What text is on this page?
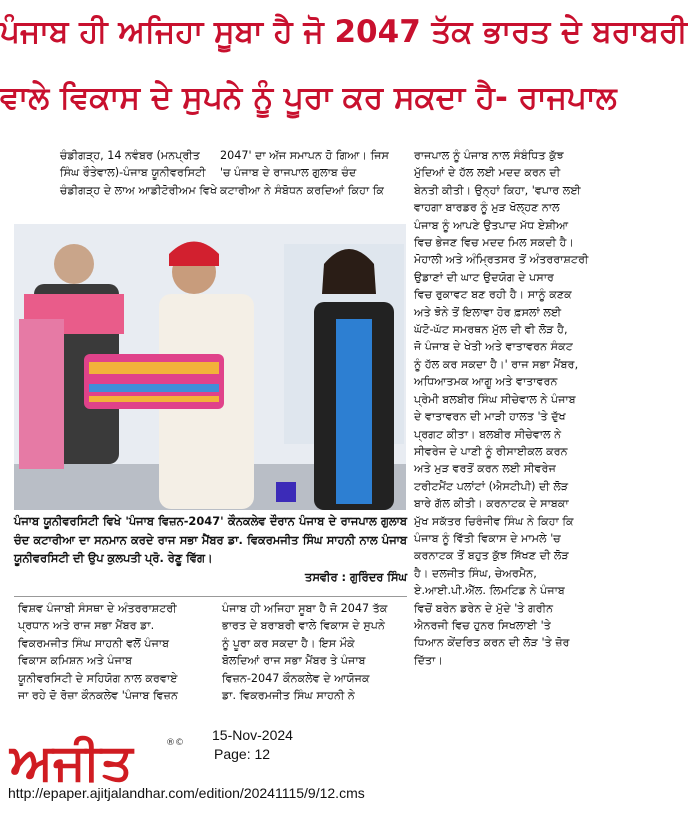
ਪੰਜਾਬ ਹੀ ਅਜਿਹਾ ਸੂਬਾ ਹੈ ਜੋ 2047 ਤੱਕ ਭਾਰਤ ਦੇ ਬਰਾਬਰੀ
ਵਾਲੇ ਵਿਕਾਸ ਦੇ ਸੁਪਨੇ ਨੂੰ ਪੂਰਾ ਕਰ ਸਕਦਾ ਹੈ- ਰਾਜਪਾਲ
ਚੰਡੀਗੜ੍ਹ, 14 ਨਵੰਬਰ (ਮਨਪ੍ਰੀਤ
ਸਿੰਘ ਰੌਤੇਵਾਲ)-ਪੰਜਾਬ ਯੂਨੀਵਰਸਿਟੀ
ਚੰਡੀਗੜ੍ਹ ਦੇ ਲਾਅ ਆਡੀਟੋਰੀਅਮ ਵਿਖੇ
2047' ਦਾ ਅੱਜ ਸਮਾਪਨ ਹੋ ਗਿਆ। ਜਿਸ
'ਚ ਪੰਜਾਬ ਦੇ ਰਾਜਪਾਲ ਗੁਲਾਬ ਚੰਦ
ਕਟਾਰੀਆ ਨੇ ਸੰਬੋਧਨ ਕਰਦਿਆਂ ਕਿਹਾ ਕਿ
ਰਾਜਪਾਲ ਨੂੰ ਪੰਜਾਬ ਨਾਲ ਸੰਬੰਧਿਤ ਕੁੱਝ
ਮੁੱਦਿਆਂ ਦੇ ਹੱਲ ਲਈ ਮਦਦ ਕਰਨ ਦੀ
ਬੇਨਤੀ ਕੀਤੀ। ਉਨ੍ਹਾਂ ਕਿਹਾ, 'ਵਪਾਰ ਲਈ
ਵਾਹਗਾ ਬਾਰਡਰ ਨੂੰ ਮੁੜ ਖੋਲ੍ਹਣ ਨਾਲ
ਪੰਜਾਬ ਨੂੰ ਆਪਣੇ ਉਤਪਾਦ ਮੱਧ ਏਸ਼ੀਆ
ਵਿਚ ਭੇਜਣ ਵਿਚ ਮਦਦ ਮਿਲ ਸਕਦੀ ਹੈ।
ਮੋਹਾਲੀ ਅਤੇ ਅੰਮ੍ਰਿਤਸਰ ਤੋਂ ਅੰਤਰਰਾਸ਼ਟਰੀ
ਉਡਾਣਾਂ ਦੀ ਘਾਟ ਉਦਯੋਗ ਦੇ ਪਸਾਰ
ਵਿਚ ਰੁਕਾਵਟ ਬਣ ਰਹੀ ਹੈ। ਸਾਨੂੰ ਕਣਕ
ਅਤੇ ਝੋਨੇ ਤੋਂ ਇਲਾਵਾ ਹੋਰ ਫ਼ਸਲਾਂ ਲਈ
ਘੱਟੋ-ਘੱਟ ਸਮਰਥਨ ਮੁੱਲ ਦੀ ਵੀ ਲੋੜ ਹੈ,
ਜੋ ਪੰਜਾਬ ਦੇ ਖੇਤੀ ਅਤੇ ਵਾਤਾਵਰਨ ਸੰਕਟ
ਨੂੰ ਹੱਲ ਕਰ ਸਕਦਾ ਹੈ।' ਰਾਜ ਸਭਾ ਮੈਂਬਰ,
ਅਧਿਆਤਮਕ ਆਗੂ ਅਤੇ ਵਾਤਾਵਰਨ
ਪ੍ਰੇਮੀ ਬਲਬੀਰ ਸਿੰਘ ਸੀਚੇਵਾਲ ਨੇ ਪੰਜਾਬ
ਦੇ ਵਾਤਾਵਰਨ ਦੀ ਮਾੜੀ ਹਾਲਤ 'ਤੇ ਦੁੱਖ
ਪ੍ਰਗਟ ਕੀਤਾ। ਬਲਬੀਰ ਸੀਚੇਵਾਲ ਨੇ
ਸੀਵਰੇਜ ਦੇ ਪਾਣੀ ਨੂੰ ਰੀਸਾਈਕਲ ਕਰਨ
ਅਤੇ ਮੁੜ ਵਰਤੋਂ ਕਰਨ ਲਈ ਸੀਵਰੇਜ
ਟਰੀਟਮੈਂਟ ਪਲਾਂਟਾਂ (ਐਸਟੀਪੀ) ਦੀ ਲੋੜ
ਬਾਰੇ ਗੱਲ ਕੀਤੀ। ਕਰਨਾਟਕ ਦੇ ਸਾਬਕਾ
ਮੁੱਖ ਸਕੱਤਰ ਚਿਰੰਜੀਵ ਸਿੰਘ ਨੇ ਕਿਹਾ ਕਿ
ਪੰਜਾਬ ਨੂੰ ਵਿੱਤੀ ਵਿਕਾਸ ਦੇ ਮਾਮਲੇ 'ਚ
ਕਰਨਾਟਕ ਤੋਂ ਬਹੁਤ ਕੁੱਝ ਸਿੱਖਣ ਦੀ ਲੋੜ
ਹੈ। ਦਲਜੀਤ ਸਿੰਘ, ਚੇਅਰਮੈਨ,
ਏ.ਆਈ.ਪੀ.ਐੱਲ. ਲਿਮਟਿਡ ਨੇ ਪੰਜਾਬ
ਵਿਚੋਂ ਬਰੇਨ ਡਰੇਨ ਦੇ ਮੁੱਦੇ 'ਤੇ ਗਰੀਨ
ਐਨਰਜੀ ਵਿਚ ਹੁਨਰ ਸਿਖਲਾਈ 'ਤੇ
ਧਿਆਨ ਕੇਂਦਰਿਤ ਕਰਨ ਦੀ ਲੋੜ 'ਤੇ ਜ਼ੋਰ
ਦਿੱਤਾ।
ਪੰਜਾਬ ਯੂਨੀਵਰਸਿਟੀ ਵਿਖੇ 'ਪੰਜਾਬ ਵਿਜ਼ਨ-2047' ਕੌਨਕਲੇਵ ਦੌਰਾਨ ਪੰਜਾਬ ਦੇ ਰਾਜਪਾਲ ਗੁਲਾਬ ਚੰਦ ਕਟਾਰੀਆ ਦਾ ਸਨਮਾਨ ਕਰਦੇ ਰਾਜ ਸਭਾ ਮੈਂਬਰ ਡਾ. ਵਿਕਰਮਜੀਤ ਸਿੰਘ ਸਾਹਨੀ ਨਾਲ ਪੰਜਾਬ ਯੂਨੀਵਰਸਿਟੀ ਦੀ ਉਪ ਕੁਲਪਤੀ ਪ੍ਰੋ. ਰੇਣੂ ਵਿੱਗ।
ਤਸਵੀਰ : ਗੁਰਿੰਦਰ ਸਿੰਘ
ਵਿਸ਼ਵ ਪੰਜਾਬੀ ਸੰਸਥਾ ਦੇ ਅੰਤਰਰਾਸ਼ਟਰੀ
ਪ੍ਰਧਾਨ ਅਤੇ ਰਾਜ ਸਭਾ ਮੈਂਬਰ ਡਾ.
ਵਿਕਰਮਜੀਤ ਸਿੰਘ ਸਾਹਨੀ ਵਲੋਂ ਪੰਜਾਬ
ਵਿਕਾਸ ਕਮਿਸ਼ਨ ਅਤੇ ਪੰਜਾਬ
ਯੂਨੀਵਰਸਿਟੀ ਦੇ ਸਹਿਯੋਗ ਨਾਲ ਕਰਵਾਏ
ਜਾ ਰਹੇ ਦੋ ਰੋਜ਼ਾ ਕੌਨਕਲੇਵ 'ਪੰਜਾਬ ਵਿਜ਼ਨ
ਪੰਜਾਬ ਹੀ ਅਜਿਹਾ ਸੂਬਾ ਹੈ ਜੋ 2047 ਤੱਕ
ਭਾਰਤ ਦੇ ਬਰਾਬਰੀ ਵਾਲੇ ਵਿਕਾਸ ਦੇ ਸੁਪਨੇ
ਨੂੰ ਪੂਰਾ ਕਰ ਸਕਦਾ ਹੈ। ਇਸ ਮੌਕੇ
ਬੋਲਦਿਆਂ ਰਾਜ ਸਭਾ ਮੈਂਬਰ ਤੇ ਪੰਜਾਬ
ਵਿਜ਼ਨ-2047 ਕੌਨਕਲੇਵ ਦੇ ਆਯੋਜਕ
ਡਾ. ਵਿਕਰਮਜੀਤ ਸਿੰਘ ਸਾਹਨੀ ਨੇ
ਅਜੀਤ	®© 15-Nov-2024
Page: 12
http://epaper.ajitjalandhar.com/edition/20241115/9/12.cms
